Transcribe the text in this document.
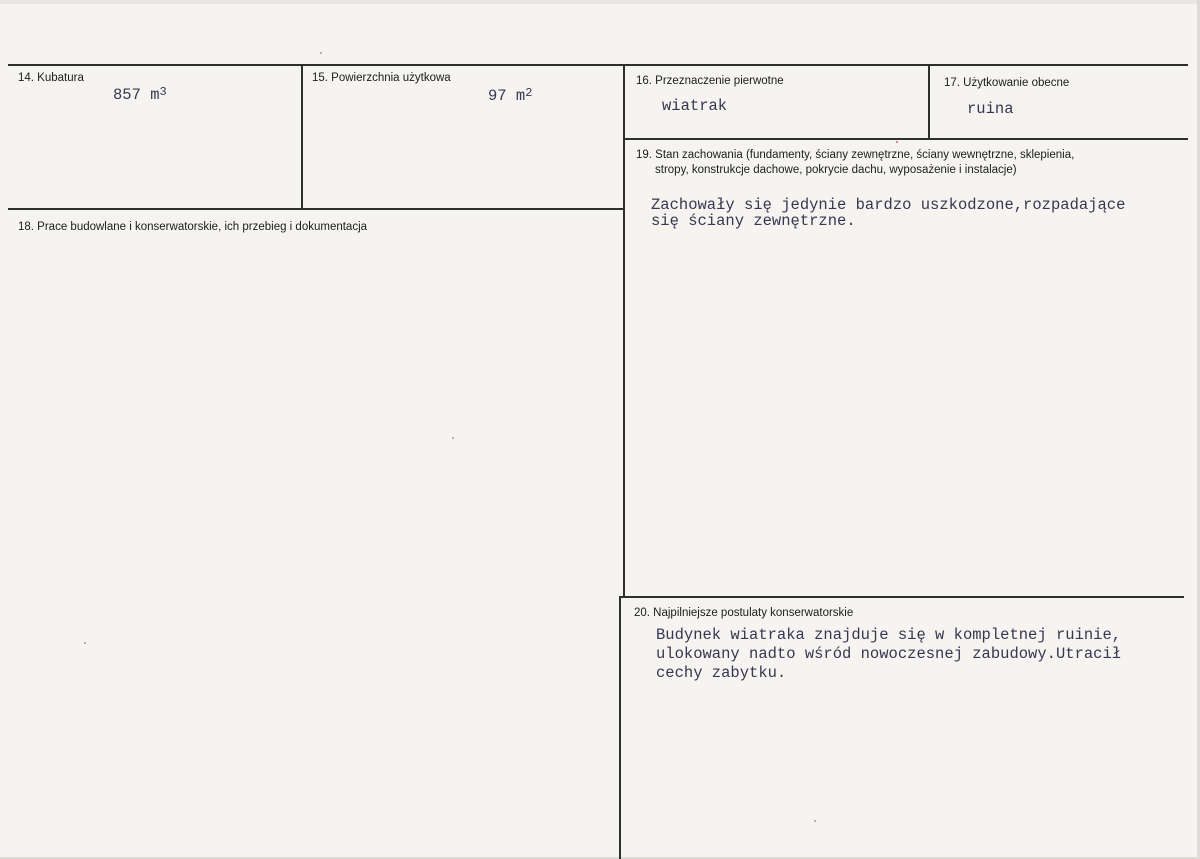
14. Kubatura
857 $m^3$
15. Powierzchnia użytkowa
97 $m^2$
16. Przeznaczenie pierwotne
wiatrak
17. Użytkowanie obecne
ruina
18. Prace budowlane i konserwatorskie, ich przebieg i dokumentacja
19. Stan zachowania (fundamenty, ściany zewnętrzne, ściany wewnętrzne, sklepienia,
stropy, konstrukcje dachowe, pokrycie dachu, wyposażenie i instalacje)
Zachowały się jedynie bardzo uszkodzone,rozpadające
się ściany zewnętrzne.
20. Najpilniejsze postulaty konserwatorskie
Budynek wiatraka znajduje się w kompletnej ruinie,
ulokowany nadto wśród nowoczesnej zabudowy.Utracił
cechy zabytku.
